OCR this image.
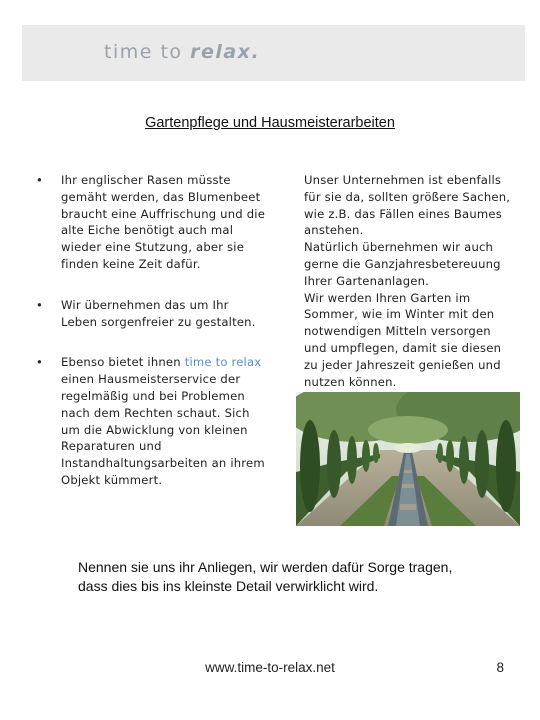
time to relax.
Gartenpflege und Hausmeisterarbeiten
• Ihr englischer Rasen müsste gemäht werden, das Blumenbeet braucht eine Auffrischung und die alte Eiche benötigt auch mal wieder eine Stutzung, aber sie finden keine Zeit dafür.
• Wir übernehmen das um Ihr Leben sorgenfreier zu gestalten.
• Ebenso bietet ihnen time to relax einen Hausmeisterservice der regelmäßig und bei Problemen nach dem Rechten schaut. Sich um die Abwicklung von kleinen Reparaturen und Instandhaltungsarbeiten an ihrem Objekt kümmert.

Unser Unternehmen ist ebenfalls für sie da, sollten größere Sachen, wie z.B. das Fällen eines Baumes anstehen.

Natürlich übernehmen wir auch gerne die Ganzjahresbetereuung Ihrer Gartenanlagen.

Wir werden Ihren Garten im Sommer, wie im Winter mit den notwendigen Mitteln versorgen und umpflegen, damit sie diesen zu jeder Jahreszeit genießen und nutzen können.

Nennen sie uns ihr Anliegen, wir werden dafür Sorge tragen,

dass dies bis ins kleinste Detail verwirklicht wird.

www.time-to-relax.net	8
